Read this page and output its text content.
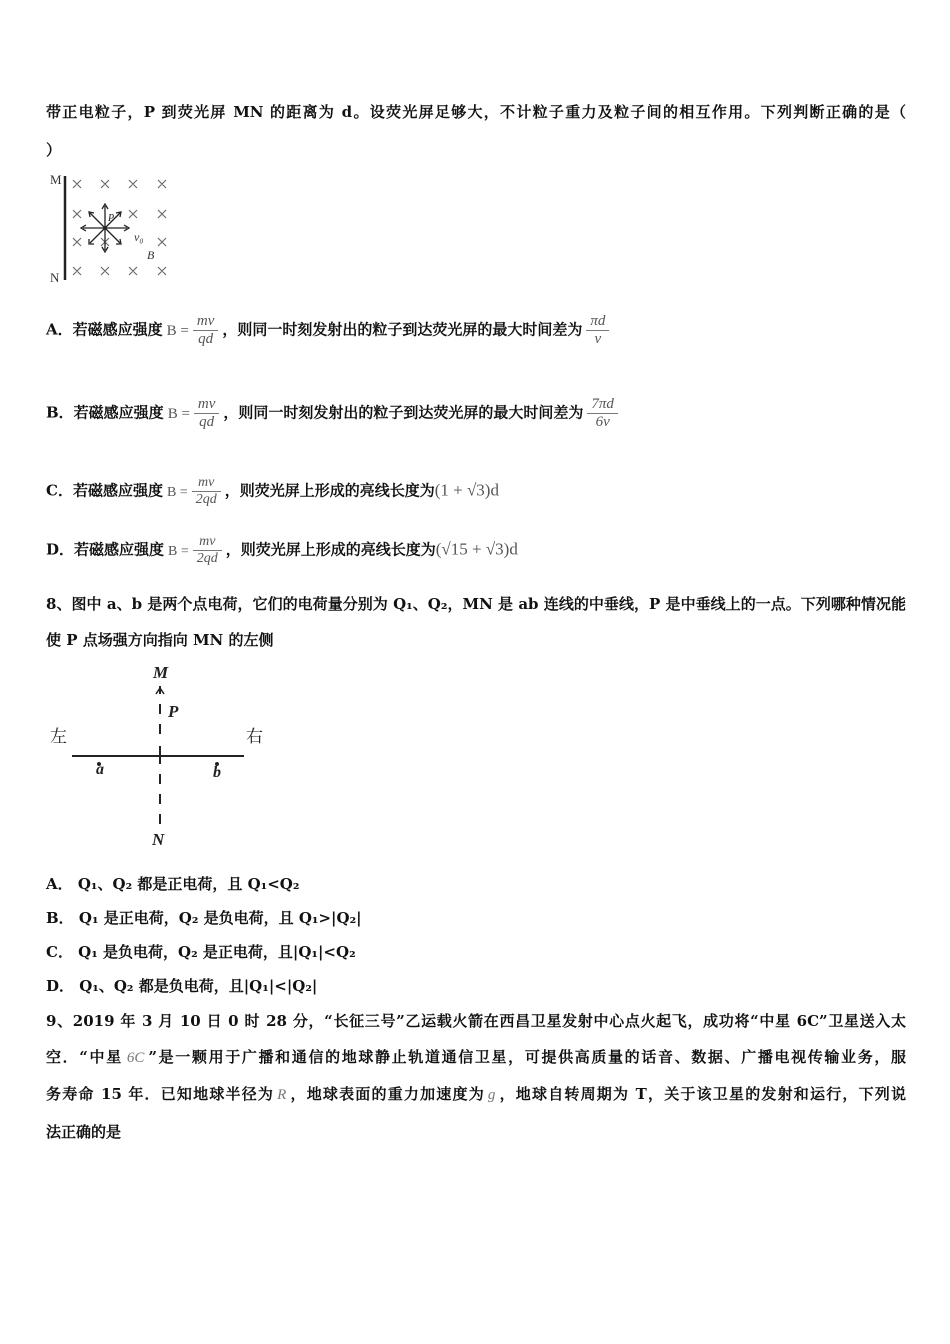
带正电粒子，P 到荧光屏 MN 的距离为 d。设荧光屏足够大，不计粒子重力及粒子间的相互作用。下列判断正确的是（
）
M
N
P
v₀
B
A．若磁感应强度 $B = \frac{mv}{qd}$ ，则同一时刻发射出的粒子到达荧光屏的最大时间差为 $\frac{\pi d}{v}$
B．若磁感应强度 $B = \frac{mv}{qd}$ ，则同一时刻发射出的粒子到达荧光屏的最大时间差为 $\frac{7\pi d}{6v}$
C．若磁感应强度 $B = \frac{mv}{2qd}$ ，则荧光屏上形成的亮线长度为(1 + √3)d
D．若磁感应强度 $B = \frac{mv}{2qd}$ ，则荧光屏上形成的亮线长度为(√15 + √3)d
8、图中 a、b 是两个点电荷，它们的电荷量分别为 Q₁、Q₂，MN 是 ab 连线的中垂线，P 是中垂线上的一点。下列哪种情况能
使 P 点场强方向指向 MN 的左侧
M
P
左	右
a	b
N
A． Q₁、Q₂ 都是正电荷，且 Q₁<Q₂
B． Q₁ 是正电荷，Q₂ 是负电荷，且 Q₁>|Q₂|
C． Q₁ 是负电荷，Q₂ 是正电荷，且|Q₁|<Q₂
D． Q₁、Q₂ 都是负电荷，且|Q₁|<|Q₂|
9、2019 年 3 月 10 日 0 时 28 分，“长征三号”乙运载火箭在西昌卫星发射中心点火起飞，成功将“中星 6C”卫星送入太
空．“中星 6C ”是一颗用于广播和通信的地球静止轨道通信卫星，可提供高质量的话音、数据、广播电视传输业务，服
务寿命 15 年．已知地球半径为 R ，地球表面的重力加速度为 g ，地球自转周期为 T，关于该卫星的发射和运行，下列说
法正确的是
